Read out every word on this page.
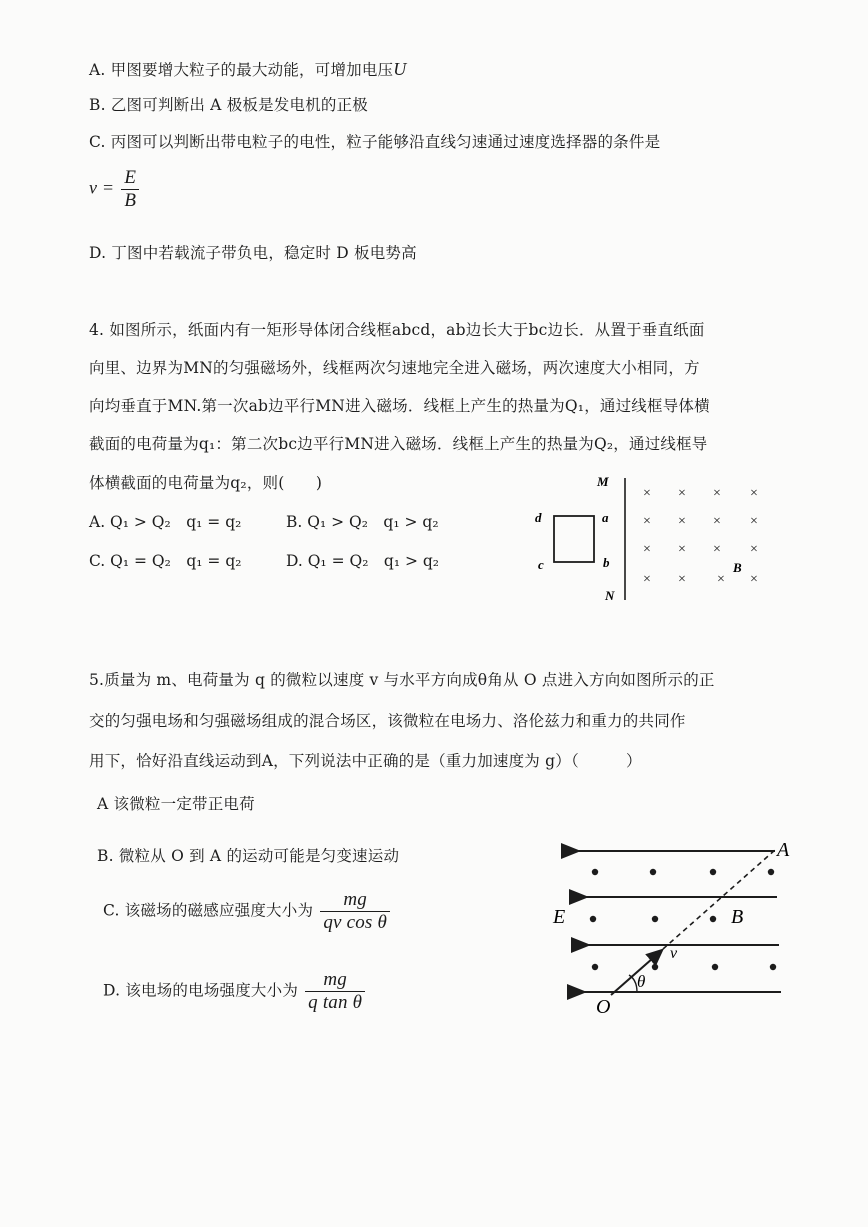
A. 甲图要增大粒子的最大动能，可增加电压U
B. 乙图可判断出 A 极板是发电机的正极
C. 丙图可以判断出带电粒子的电性，粒子能够沿直线匀速通过速度选择器的条件是
$v = \frac{E}{B}$
D. 丁图中若载流子带负电，稳定时 D 板电势高
4. 如图所示，纸面内有一矩形导体闭合线框abcd，ab边长大于bc边长．从置于垂直纸面
向里、边界为MN的匀强磁场外，线框两次匀速地完全进入磁场，两次速度大小相同，方
向均垂直于MN.第一次ab边平行MN进入磁场．线框上产生的热量为Q₁，通过线框导体横
截面的电荷量为q₁：第二次bc边平行MN进入磁场．线框上产生的热量为Q₂，通过线框导
体横截面的电荷量为q₂，则(　　)
A. Q₁ > Q₂　q₁ = q₂	B. Q₁ > Q₂　q₁ > q₂
C. Q₁ = Q₂　q₁ = q₂	D. Q₁ = Q₂　q₁ > q₂
M
N
d	a
c	b	B
× × × ×
× × × ×
× × × ×
× × × ×
5.质量为 m、电荷量为 q 的微粒以速度 v 与水平方向成θ角从 O 点进入方向如图所示的正
交的匀强电场和匀强磁场组成的混合场区，该微粒在电场力、洛伦兹力和重力的共同作
用下，恰好沿直线运动到A，下列说法中正确的是（重力加速度为 g）（　　　）
A 该微粒一定带正电荷
B. 微粒从 O 到 A 的运动可能是匀变速运动
C. 该磁场的磁感应强度大小为 $\frac{mg}{\text{qv cos θ}}$
D. 该电场的电场强度大小为 $\frac{mg}{\text{q tan θ}}$
A
E	B
O
v
θ
